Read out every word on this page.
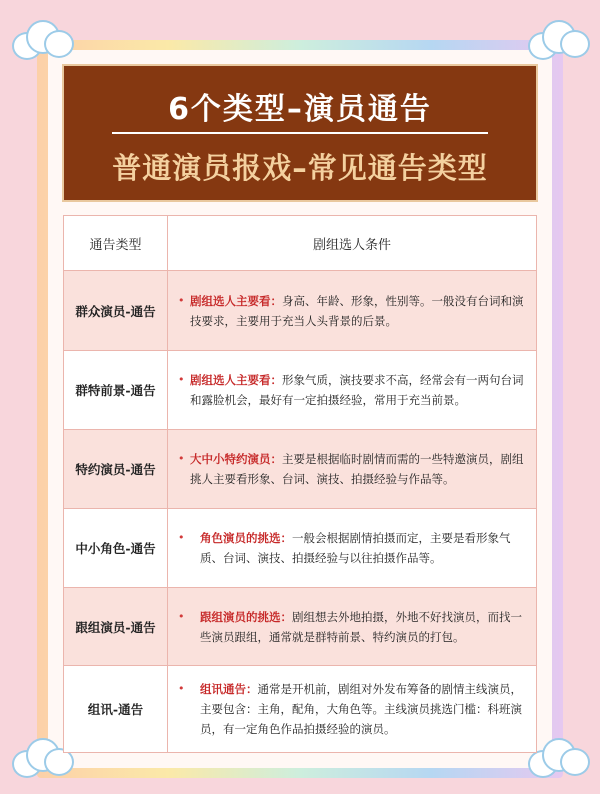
6个类型–演员通告
普通演员报戏–常见通告类型
通告类型	剧组选人条件
群众演员-通告	• 剧组选人主要看：身高、年龄、形象，性别等。一般没有台词和演技要求，主要用于充当人头背景的后景。

群特前景-通告	• 剧组选人主要看：形象气质，演技要求不高，经常会有一两句台词和露脸机会，最好有一定拍摄经验，常用于充当前景。

特约演员-通告	• 大中小特约演员：主要是根据临时剧情而需的一些特邀演员，剧组挑人主要看形象、台词、演技、拍摄经验与作品等。

中小角色-通告	• 角色演员的挑选：一般会根据剧情拍摄而定，主要是看形象气质、台词、演技、拍摄经验与以往拍摄作品等。

跟组演员-通告	• 跟组演员的挑选：剧组想去外地拍摄，外地不好找演员，而找一些演员跟组，通常就是群特前景、特约演员的打包。

组讯-通告	• 组讯通告：通常是开机前，剧组对外发布筹备的剧情主线演员，主要包含：主角，配角，大角色等。主线演员挑选门槛：科班演员，有一定角色作品拍摄经验的演员。
